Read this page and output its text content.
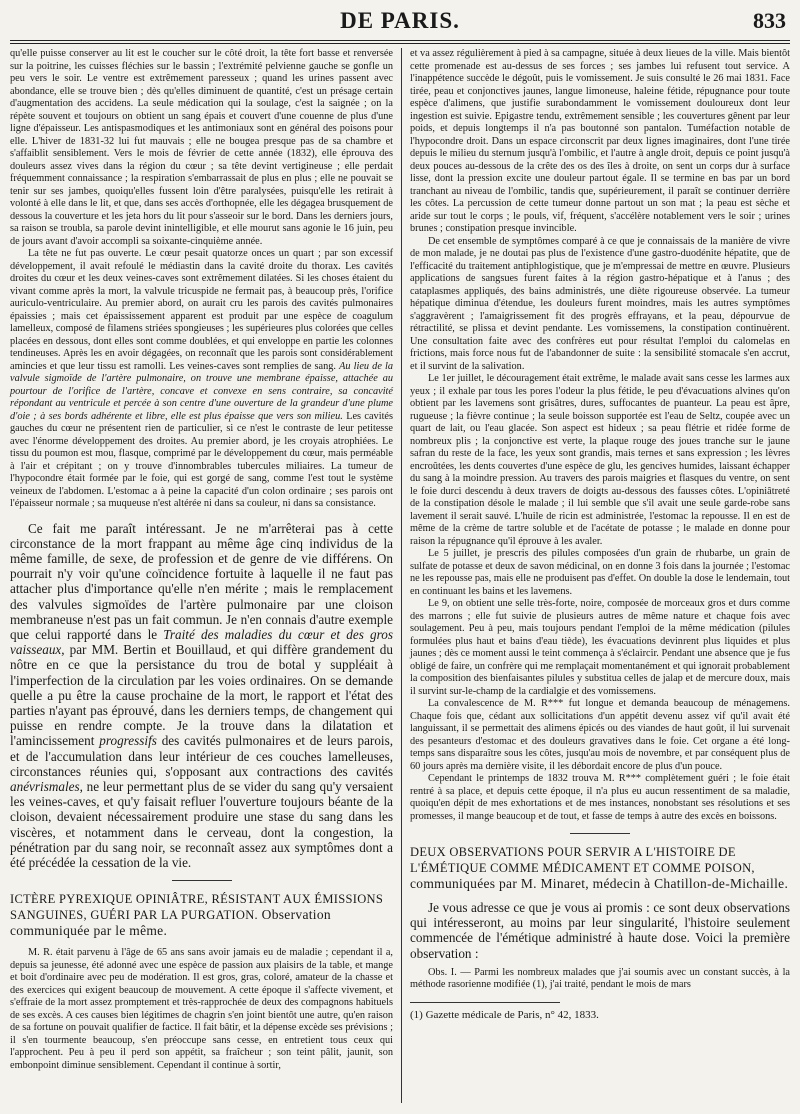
DE PARIS.	833

qu'elle puisse conserver au lit est le coucher sur le côté droit, la tête fort basse et renversée sur la poitrine, les cuisses fléchies sur le bassin ; l'extrémité pelvienne gauche se gonfle un peu vers le soir. Le ventre est extrêmement paresseux ; quand les urines passent avec abondance, elle se trouve bien ; dès qu'elles diminuent de quantité, c'est un présage certain d'augmentation des accidens. La seule médication qui la soulage, c'est la saignée ; on la répète souvent et toujours on obtient un sang épais et couvert d'une couenne de plus d'une ligne d'épaisseur. Les antispasmodiques et les antimoniaux sont en général des poisons pour elle. L'hiver de 1831-32 lui fut mauvais ; elle ne bougea presque pas de sa chambre et s'affaiblit sensiblement. Vers le mois de février de cette année (1832), elle éprouva des douleurs assez vives dans la région du cœur ; sa tête devint vertigineuse ; elle perdait fréquemment connaissance ; la respiration s'embarrassait de plus en plus ; elle ne pouvait se tenir sur ses jambes, quoiqu'elles fussent loin d'être paralysées, puisqu'elle les retirait à volonté à elle dans le lit, et que, dans ses accès d'orthopnée, elle les dégagea brusquement de dessous la couverture et les jeta hors du lit pour s'asseoir sur le bord. Dans les derniers jours, sa raison se troubla, sa parole devint inintelligible, et elle mourut sans agonie le 16 juin, peu de jours avant d'avoir accompli sa soixante-cinquième année.

La tête ne fut pas ouverte. Le cœur pesait quatorze onces un quart ; par son excessif développement, il avait refoulé le médiastin dans la cavité droite du thorax. Les cavités droites du cœur et les deux veines-caves sont extrêmement dilatées. Si les choses étaient du vivant comme après la mort, la valvule tricuspide ne fermait pas, à beaucoup près, l'orifice auriculo-ventriculaire. Au premier abord, on aurait cru les parois des cavités pulmonaires épaissies ; mais cet épaississement apparent est produit par une espèce de coagulum lamelleux, composé de filamens striées spongieuses ; les supérieures plus colorées que celles placées en dessous, dont elles sont comme doublées, et qui enveloppe en partie les colonnes tendineuses. Après les en avoir dégagées, on reconnaît que les parois sont considérablement amincies et que leur tissu est ramolli. Les veines-caves sont remplies de sang. Au lieu de la valvule sigmoïde de l'artère pulmonaire, on trouve une membrane épaisse, attachée au pourtour de l'orifice de l'artère, concave et convexe en sens contraire, sa concavité répondant au ventricule et percée à son centre d'une ouverture de la grandeur d'une plume d'oie ; à ses bords adhérente et libre, elle est plus épaisse que vers son milieu. Les cavités gauches du cœur ne présentent rien de particulier, si ce n'est le contraste de leur petitesse avec l'énorme développement des droites. Au premier abord, je les croyais atrophiées. Le tissu du poumon est mou, flasque, comprimé par le développement du cœur, mais perméable à l'air et crépitant ; on y trouve d'innombrables tubercules miliaires. La tumeur de l'hypocondre était formée par le foie, qui est gorgé de sang, comme l'est tout le système veineux de l'abdomen. L'estomac a à peine la capacité d'un colon ordinaire ; ses parois ont l'épaisseur normale ; sa muqueuse n'est altérée ni dans sa couleur, ni dans sa consistance.

Ce fait me paraît intéressant. Je ne m'arrêterai pas à cette circonstance de la mort frappant au même âge cinq individus de la même famille, de sexe, de profession et de genre de vie différens. On pourrait n'y voir qu'une coïncidence fortuite à laquelle il ne faut pas attacher plus d'importance qu'elle n'en mérite ; mais le remplacement des valvules sigmoïdes de l'artère pulmonaire par une cloison membraneuse n'est pas un fait commun. Je n'en connais d'autre exemple que celui rapporté dans le Traité des maladies du cœur et des gros vaisseaux, par MM. Bertin et Bouillaud, et qui diffère grandement du nôtre en ce que la persistance du trou de botal y suppléait à l'imperfection de la circulation par les voies ordinaires. On se demande quelle a pu être la cause prochaine de la mort, le rapport et l'état des parties n'ayant pas éprouvé, dans les derniers temps, de changement qui puisse en rendre compte. Je la trouve dans la dilatation et l'amincissement progressifs des cavités pulmonaires et de leurs parois, et de l'accumulation dans leur intérieur de ces couches lamelleuses, circonstances réunies qui, s'opposant aux contractions des cavités anévrismales, ne leur permettant plus de se vider du sang qu'y versaient les veines-caves, et qu'y faisait refluer l'ouverture toujours béante de la cloison, devaient nécessairement produire une stase du sang dans les viscères, et notamment dans le cerveau, dont la congestion, la pénétration par du sang noir, se reconnaît assez aux symptômes dont a été précédée la cessation de la vie.

ICTÈRE PYREXIQUE OPINIÂTRE, RÉSISTANT AUX ÉMISSIONS SANGUINES, GUÉRI PAR LA PURGATION. Observation communiquée par le même.

M. R. était parvenu à l'âge de 65 ans sans avoir jamais eu de maladie ; cependant il a, depuis sa jeunesse, été adonné avec une espèce de passion aux plaisirs de la table, et mange et boit d'ordinaire avec peu de modération. Il est gros, gras, coloré, amateur de la chasse et des exercices qui exigent beaucoup de mouvement. A cette époque il s'affecte vivement, et s'effraie de la mort assez promptement et très-rapprochée de deux des compagnons habituels de ses excès. A ces causes bien légitimes de chagrin s'en joint bientôt une autre, qu'en raison de sa fortune on pouvait qualifier de factice. Il fait bâtir, et la dépense excède ses prévisions ; il s'en tourmente beaucoup, s'en préoccupe sans cesse, en entretient tous ceux qui l'approchent. Peu à peu il perd son appétit, sa fraîcheur ; son teint pâlit, jaunit, son embonpoint diminue sensiblement. Cependant il continue à sortir,

et va assez régulièrement à pied à sa campagne, située à deux lieues de la ville. Mais bientôt cette promenade est au-dessus de ses forces ; ses jambes lui refusent tout service. A l'inappétence succède le dégoût, puis le vomissement. Je suis consulté le 26 mai 1831. Face tirée, peau et conjonctives jaunes, langue limoneuse, haleine fétide, répugnance pour toute espèce d'alimens, que justifie surabondamment le vomissement douloureux dont leur ingestion est suivie. Epigastre tendu, extrêmement sensible ; les couvertures gênent par leur poids, et depuis longtemps il n'a pas boutonné son pantalon. Tuméfaction notable de l'hypocondre droit. Dans un espace circonscrit par deux lignes imaginaires, dont l'une tirée depuis le milieu du sternum jusqu'à l'ombilic, et l'autre à angle droit, depuis ce point jusqu'à deux pouces au-dessous de la crête des os des îles à droite, on sent un corps dur à surface lisse, dont la pression excite une douleur partout égale. Il se termine en bas par un bord tranchant au niveau de l'ombilic, tandis que, supérieurement, il paraît se continuer derrière les côtes. La percussion de cette tumeur donne partout un son mat ; la peau est sèche et aride sur tout le corps ; le pouls, vif, fréquent, s'accélère notablement vers le soir ; urines brunes ; constipation presque invincible.

De cet ensemble de symptômes comparé à ce que je connaissais de la manière de vivre de mon malade, je ne doutai pas plus de l'existence d'une gastro-duodénite hépatite, que de l'efficacité du traitement antiphlogistique, que je m'empressai de mettre en œuvre. Plusieurs applications de sangsues furent faites à la région gastro-hépatique et à l'anus ; des cataplasmes appliqués, des bains administrés, une diète rigoureuse observée. La tumeur hépatique diminua d'étendue, les douleurs furent moindres, mais les autres symptômes s'aggravèrent ; l'amaigrissement fit des progrès effrayans, et la peau, dépourvue de rétractilité, se plissa et devint pendante. Les vomissemens, la constipation continuèrent. Une consultation faite avec des confrères eut pour résultat l'emploi du calomelas en frictions, mais force nous fut de l'abandonner de suite : la sensibilité stomacale s'en accrut, et il survint de la salivation.

Le 1er juillet, le découragement était extrême, le malade avait sans cesse les larmes aux yeux ; il exhale par tous les pores l'odeur la plus fétide, le peu d'évacuations alvines qu'on obtient par les lavemens sont grisâtres, dures, suffocantes de puanteur. La peau est âpre, rugueuse ; la fièvre continue ; la seule boisson supportée est l'eau de Seltz, coupée avec un quart de lait, ou l'eau glacée. Son aspect est hideux ; sa peau flétrie et ridée forme de nombreux plis ; la conjonctive est verte, la plaque rouge des joues tranche sur le jaune safran du reste de la face, les yeux sont grandis, mais ternes et sans expression ; les lèvres encroûtées, les dents couvertes d'une espèce de glu, les gencives humides, laissant échapper du sang à la moindre pression. Au travers des parois maigries et flasques du ventre, on sent le foie durci descendu à deux travers de doigts au-dessous des fausses côtes. L'opiniâtreté de la constipation désole le malade ; il lui semble que s'il avait une seule garde-robe sans lavement il serait sauvé. L'huile de ricin est administrée, l'estomac la repousse. Il en est de même de la crème de tartre soluble et de l'acétate de potasse ; le malade en donne pour raison la répugnance qu'il éprouve à les avaler.

Le 5 juillet, je prescris des pilules composées d'un grain de rhubarbe, un grain de sulfate de potasse et deux de savon médicinal, on en donne 3 fois dans la journée ; l'estomac ne les repousse pas, mais elle ne produisent pas d'effet. On double la dose le lendemain, tout en continuant les bains et les lavemens.

Le 9, on obtient une selle très-forte, noire, composée de morceaux gros et durs comme des marrons ; elle fut suivie de plusieurs autres de même nature et chaque fois avec soulagement. Peu à peu, mais toujours pendant l'emploi de la même médication (pilules formulées plus haut et bains d'eau tiède), les évacuations devinrent plus liquides et plus jaunes ; dès ce moment aussi le teint commença à s'éclaircir. Pendant une absence que je fus obligé de faire, un confrère qui me remplaçait momentanément et qui ignorait probablement la composition des bienfaisantes pilules y substitua celles de jalap et de mercure doux, mais il survint sur-le-champ de la cardialgie et des vomissemens.

La convalescence de M. R*** fut longue et demanda beaucoup de ménagemens. Chaque fois que, cédant aux sollicitations d'un appétit devenu assez vif qu'il avait été languissant, il se permettait des alimens épicés ou des viandes de haut goût, il lui survenait des pesanteurs d'estomac et des douleurs gravatives dans le foie. Cet organe a été long-temps sans disparaître sous les côtes, jusqu'au mois de novembre, et par conséquent plus de 60 jours après ma dernière visite, il les débordait encore de plus d'un pouce.

Cependant le printemps de 1832 trouva M. R*** complètement guéri ; le foie était rentré à sa place, et depuis cette époque, il n'a plus eu aucun ressentiment de sa maladie, quoiqu'en dépit de mes exhortations et de mes instances, nonobstant ses résolutions et ses promesses, il mange beaucoup et de tout, et fasse de temps à autre des excès en boissons.

DEUX OBSERVATIONS POUR SERVIR A L'HISTOIRE DE L'ÉMÉTIQUE COMME MÉDICAMENT ET COMME POISON, communiquées par M. Minaret, médecin à Chatillon-de-Michaille.

Je vous adresse ce que je vous ai promis : ce sont deux observations qui intéresseront, au moins par leur singularité, l'histoire seulement commencée de l'émétique administré à haute dose. Voici la première observation :

Obs. I. — Parmi les nombreux malades que j'ai soumis avec un constant succès, à la méthode rasorienne modifiée (1), j'ai traité, pendant le mois de mars

(1) Gazette médicale de Paris, n° 42, 1833.
